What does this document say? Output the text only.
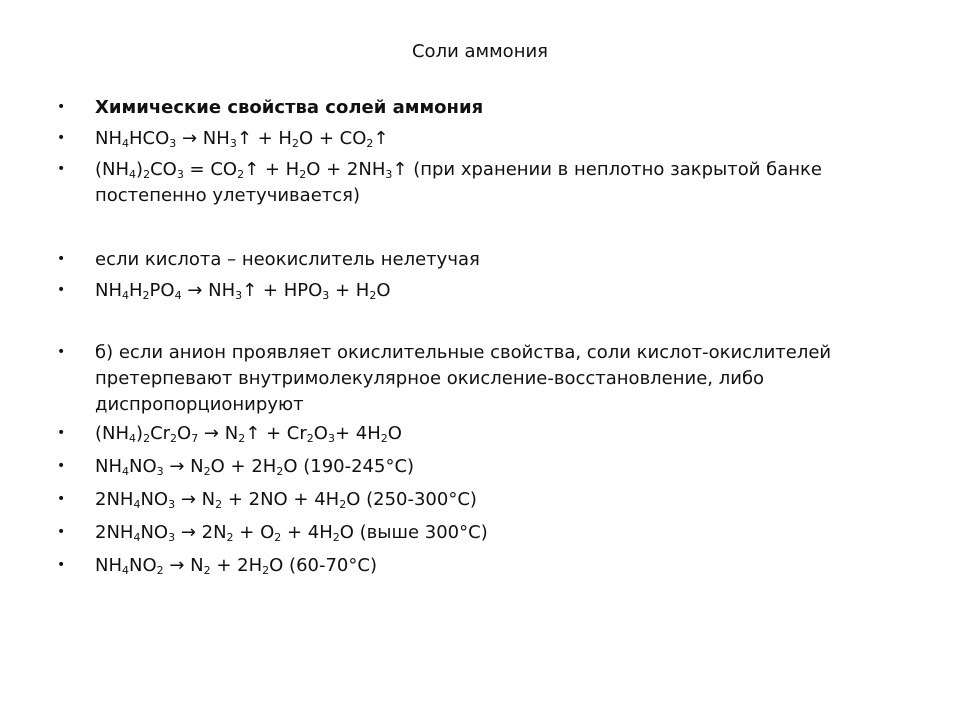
Соли аммония
• Химические свойства солей аммония
• $NH_4HCO_3$ → $NH_3↑ + H_2O$ + $CO_2↑$
• $(NH_4)_2CO_3$ = $CO_2↑ + H_2O$ + $2NH_3↑$ (при хранении в неплотно закрытой банке постепенно улетучивается)
• если кислота – неокислитель нелетучая
• $NH_4H_2PO_4$ → $NH_3↑ + HPO_3 + H_2O$
• б) если анион проявляет окислительные свойства, соли кислот-окислителей претерпевают внутримолекулярное окисление-восстановление, либо диспропорционируют
• $(NH_4)_2Cr_2O_7$ → $N_2↑ + Cr_2O_3+ 4H_2O$
• $NH_4NO_3 \to N_2O + 2H_2O$ (190-245°C)
• $2NH_4NO_3 \to N_2 + 2NO + 4H_2O$ (250-300°C)
• $2NH_4NO_3 \to 2N_2 + O_2 + 4H_2O$ (выше 300°C)
• $NH_4NO_2 \to N_2 + 2H_2O$ (60-70°C)
